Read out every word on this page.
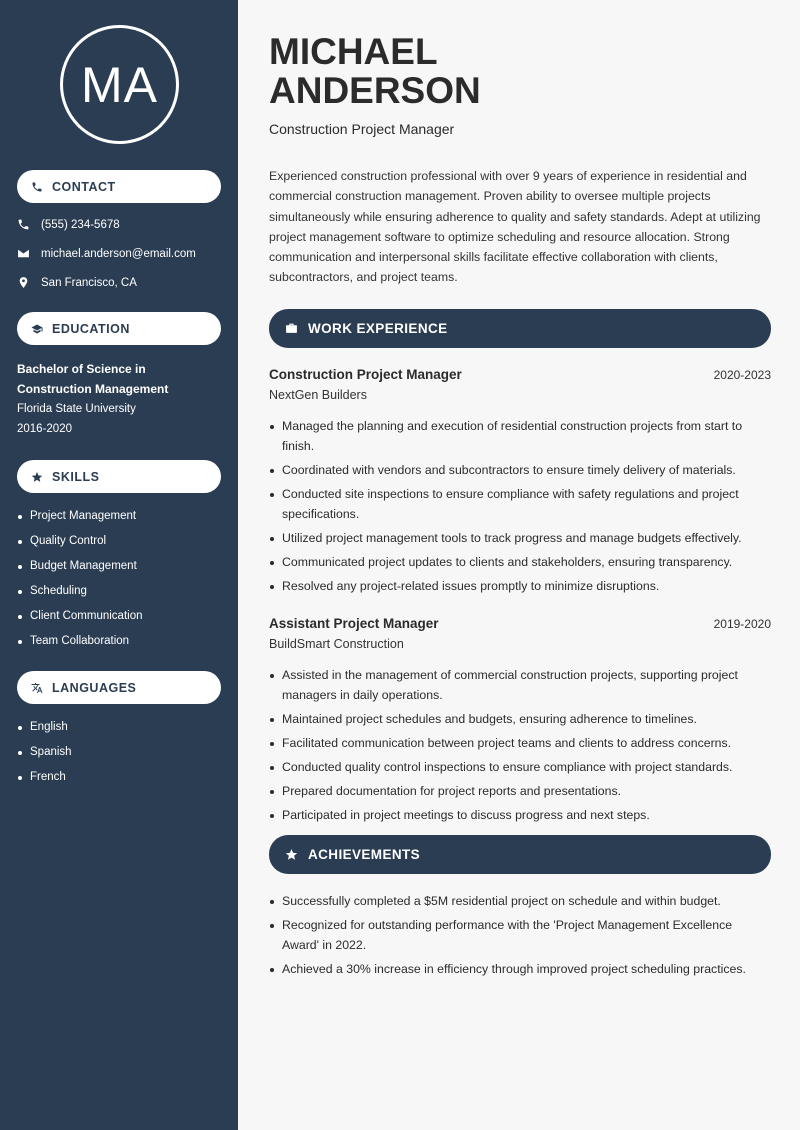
MA
CONTACT
(555) 234-5678
michael.anderson@email.com
San Francisco, CA
EDUCATION
Bachelor of Science in
Construction Management
Florida State University
2016-2020
SKILLS
Project Management
Quality Control
Budget Management
Scheduling
Client Communication
Team Collaboration
LANGUAGES
English
Spanish
French
MICHAEL
ANDERSON
Construction Project Manager

Experienced construction professional with over 9 years of experience in residential and commercial construction management. Proven ability to oversee multiple projects simultaneously while ensuring adherence to quality and safety standards. Adept at utilizing project management software to optimize scheduling and resource allocation. Strong communication and interpersonal skills facilitate effective collaboration with clients, subcontractors, and project teams.

WORK EXPERIENCE
Construction Project Manager	2020-2023
NextGen Builders
Managed the planning and execution of residential construction projects from start to finish.
Coordinated with vendors and subcontractors to ensure timely delivery of materials.
Conducted site inspections to ensure compliance with safety regulations and project specifications.
Utilized project management tools to track progress and manage budgets effectively.
Communicated project updates to clients and stakeholders, ensuring transparency.
Resolved any project-related issues promptly to minimize disruptions.
Assistant Project Manager	2019-2020
BuildSmart Construction
Assisted in the management of commercial construction projects, supporting project managers in daily operations.
Maintained project schedules and budgets, ensuring adherence to timelines.
Facilitated communication between project teams and clients to address concerns.
Conducted quality control inspections to ensure compliance with project standards.
Prepared documentation for project reports and presentations.
Participated in project meetings to discuss progress and next steps.
ACHIEVEMENTS
Successfully completed a $5M residential project on schedule and within budget.
Recognized for outstanding performance with the 'Project Management Excellence Award' in 2022.
Achieved a 30% increase in efficiency through improved project scheduling practices.
